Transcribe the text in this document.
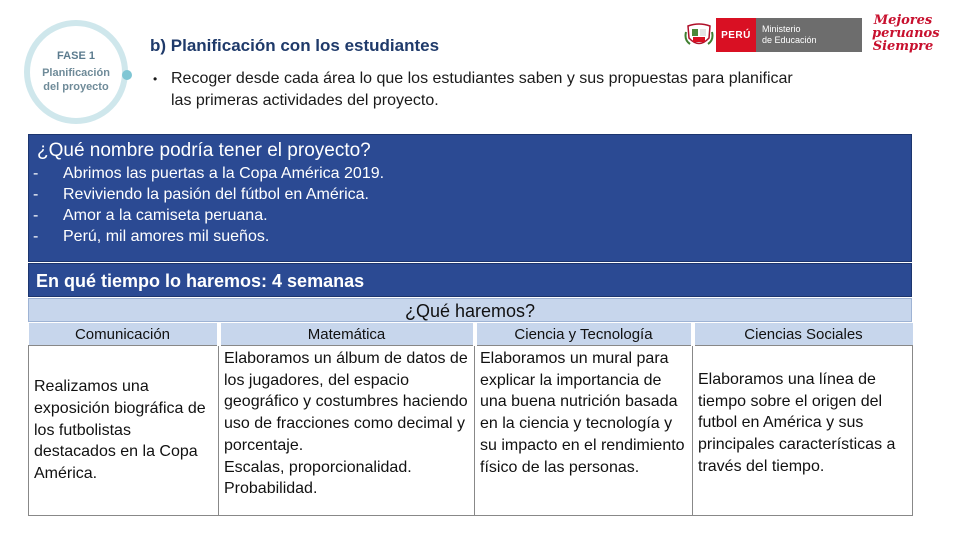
FASE 1
Planificación
del proyecto
b) Planificación con los estudiantes
• Recoger desde cada área lo que los estudiantes saben y sus propuestas para planificar las primeras actividades del proyecto.
PERÚ
Ministerio
de Educación
Mejores
peruanos
Siempre
¿Qué nombre podría tener el proyecto?
-	Abrimos las puertas a la Copa América 2019.
-	Reviviendo la pasión del fútbol en América.
-	Amor a la camiseta peruana.
-	Perú, mil amores mil sueños.
En qué tiempo lo haremos: 4 semanas
¿Qué haremos?
Comunicación	Matemática	Ciencia y Tecnología	Ciencias Sociales
Realizamos una exposición biográfica de los futbolistas destacados en la Copa América.	Elaboramos un álbum de datos de los jugadores, del espacio geográfico y costumbres haciendo uso de fracciones como decimal y porcentaje.
Escalas, proporcionalidad.
Probabilidad.	Elaboramos un mural para explicar la importancia de una buena nutrición basada en la ciencia y tecnología y su impacto en el rendimiento físico de las personas.	Elaboramos una línea de tiempo sobre el origen del futbol en América y sus principales características a través del tiempo.
